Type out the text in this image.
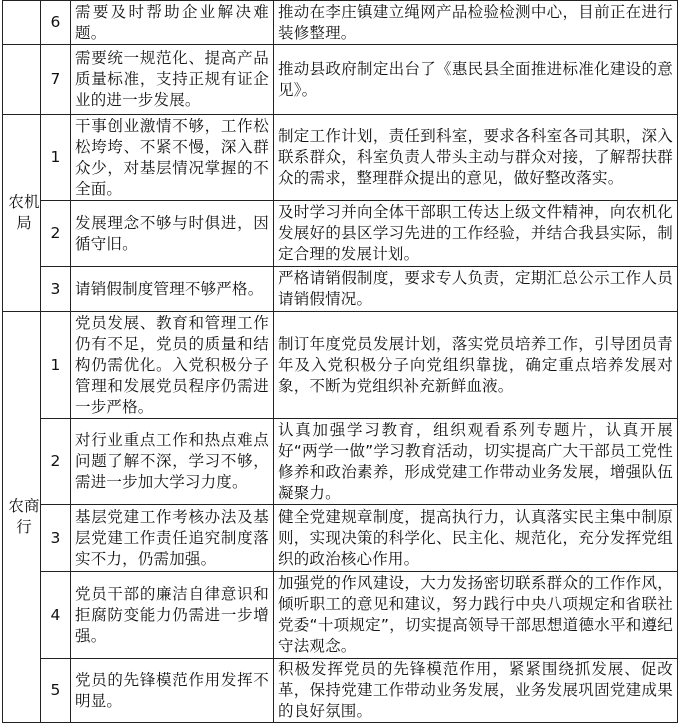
	6	需要及时帮助企业解决难题。	推动在李庄镇建立绳网产品检验检测中心，目前正在进行装修整理。
	7	需要统一规范化、提高产品质量标准，支持正规有证企业的进一步发展。	推动县政府制定出台了《惠民县全面推进标准化建设的意见》。
农机局	1	干事创业激情不够，工作松松垮垮、不紧不慢，深入群众少，对基层情况掌握的不全面。	制定工作计划，责任到科室，要求各科室各司其职，深入联系群众，科室负责人带头主动与群众对接，了解帮扶群众的需求，整理群众提出的意见，做好整改落实。
	2	发展理念不够与时俱进，因循守旧。	及时学习并向全体干部职工传达上级文件精神，向农机化发展好的县区学习先进的工作经验，并结合我县实际，制定合理的发展计划。
	3	请销假制度管理不够严格。	严格请销假制度，要求专人负责，定期汇总公示工作人员请销假情况。
农商行	1	党员发展、教育和管理工作仍有不足，党员的质量和结构仍需优化。入党积极分子管理和发展党员程序仍需进一步严格。	制订年度党员发展计划，落实党员培养工作，引导团员青年及入党积极分子向党组织靠拢，确定重点培养发展对象，不断为党组织补充新鲜血液。
	2	对行业重点工作和热点难点问题了解不深，学习不够，需进一步加大学习力度。	认真加强学习教育，组织观看系列专题片，认真开展好“两学一做”学习教育活动，切实提高广大干部员工党性修养和政治素养，形成党建工作带动业务发展，增强队伍凝聚力。
	3	基层党建工作考核办法及基层党建工作责任追究制度落实不力，仍需加强。	健全党建规章制度，提高执行力，认真落实民主集中制原则，实现决策的科学化、民主化、规范化，充分发挥党组织的政治核心作用。
	4	党员干部的廉洁自律意识和拒腐防变能力仍需进一步增强。	加强党的作风建设，大力发扬密切联系群众的工作作风，倾听职工的意见和建议，努力践行中央八项规定和省联社党委“十项规定”，切实提高领导干部思想道德水平和遵纪守法观念。
	5	党员的先锋模范作用发挥不明显。	积极发挥党员的先锋模范作用，紧紧围绕抓发展、促改革，保持党建工作带动业务发展，业务发展巩固党建成果的良好氛围。
